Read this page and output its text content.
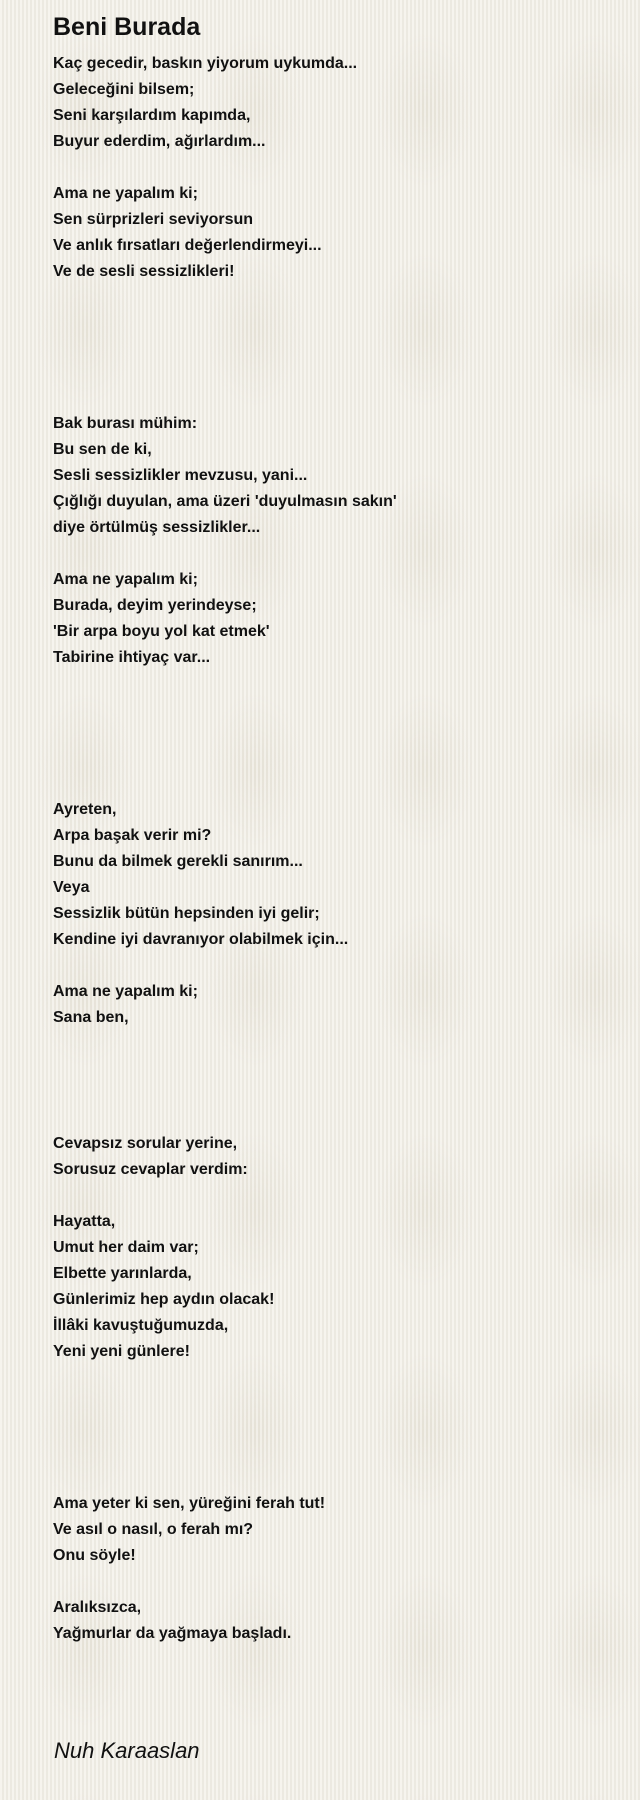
Beni Burada
Kaç gecedir, baskın yiyorum uykumda...
Geleceğini bilsem;
Seni karşılardım kapımda,
Buyur ederdim, ağırlardım...
Ama ne yapalım ki;
Sen sürprizleri seviyorsun
Ve anlık fırsatları değerlendirmeyi...
Ve de sesli sessizlikleri!
Bak burası mühim:
Bu sen de ki,
Sesli sessizlikler mevzusu, yani...
Çığlığı duyulan, ama üzeri 'duyulmasın sakın'
diye örtülmüş sessizlikler...
Ama ne yapalım ki;
Burada, deyim yerindeyse;
'Bir arpa boyu yol kat etmek'
Tabirine ihtiyaç var...
Ayreten,
Arpa başak verir mi?
Bunu da bilmek gerekli sanırım...
Veya
Sessizlik bütün hepsinden iyi gelir;
Kendine iyi davranıyor olabilmek için...
Ama ne yapalım ki;
Sana ben,
Cevapsız sorular yerine,
Sorusuz cevaplar verdim:
Hayatta,
Umut her daim var;
Elbette yarınlarda,
Günlerimiz hep aydın olacak!
İllâki kavuştuğumuzda,
Yeni yeni günlere!
Ama yeter ki sen, yüreğini ferah tut!
Ve asıl o nasıl, o ferah mı?
Onu söyle!
Aralıksızca,
Yağmurlar da yağmaya başladı.
Nuh Karaaslan
